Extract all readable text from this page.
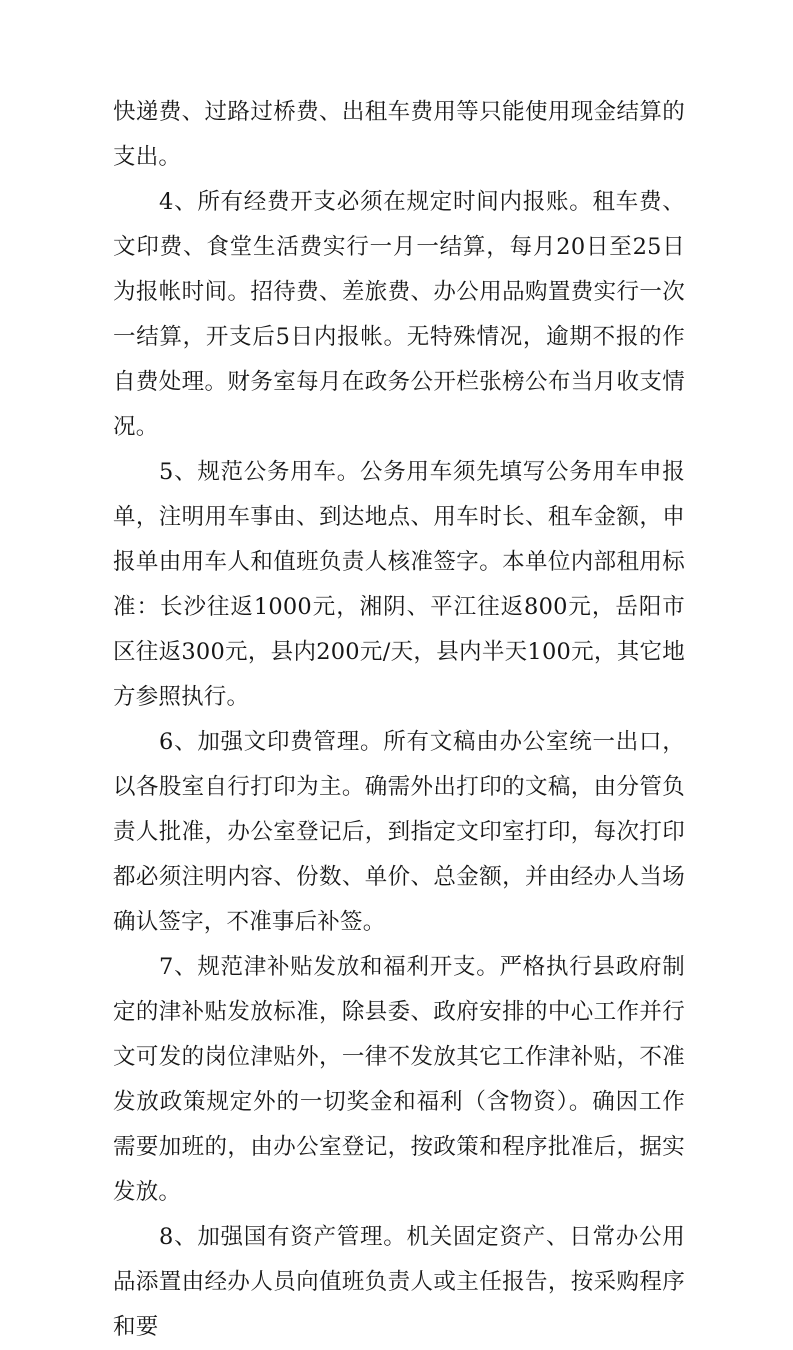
快递费、过路过桥费、出租车费用等只能使用现金结算的支出。

4、所有经费开支必须在规定时间内报账。租车费、文印费、食堂生活费实行一月一结算，每月20日至25日为报帐时间。招待费、差旅费、办公用品购置费实行一次一结算，开支后5日内报帐。无特殊情况，逾期不报的作自费处理。财务室每月在政务公开栏张榜公布当月收支情况。

5、规范公务用车。公务用车须先填写公务用车申报单，注明用车事由、到达地点、用车时长、租车金额，申报单由用车人和值班负责人核准签字。本单位内部租用标准：长沙往返1000元，湘阴、平江往返800元，岳阳市区往返300元，县内200元/天，县内半天100元，其它地方参照执行。

6、加强文印费管理。所有文稿由办公室统一出口，以各股室自行打印为主。确需外出打印的文稿，由分管负责人批准，办公室登记后，到指定文印室打印，每次打印都必须注明内容、份数、单价、总金额，并由经办人当场确认签字，不准事后补签。

7、规范津补贴发放和福利开支。严格执行县政府制定的津补贴发放标准，除县委、政府安排的中心工作并行文可发的岗位津贴外，一律不发放其它工作津补贴，不准发放政策规定外的一切奖金和福利（含物资）。确因工作需要加班的，由办公室登记，按政策和程序批准后，据实发放。

8、加强国有资产管理。机关固定资产、日常办公用品添置由经办人员向值班负责人或主任报告，按采购程序和要
